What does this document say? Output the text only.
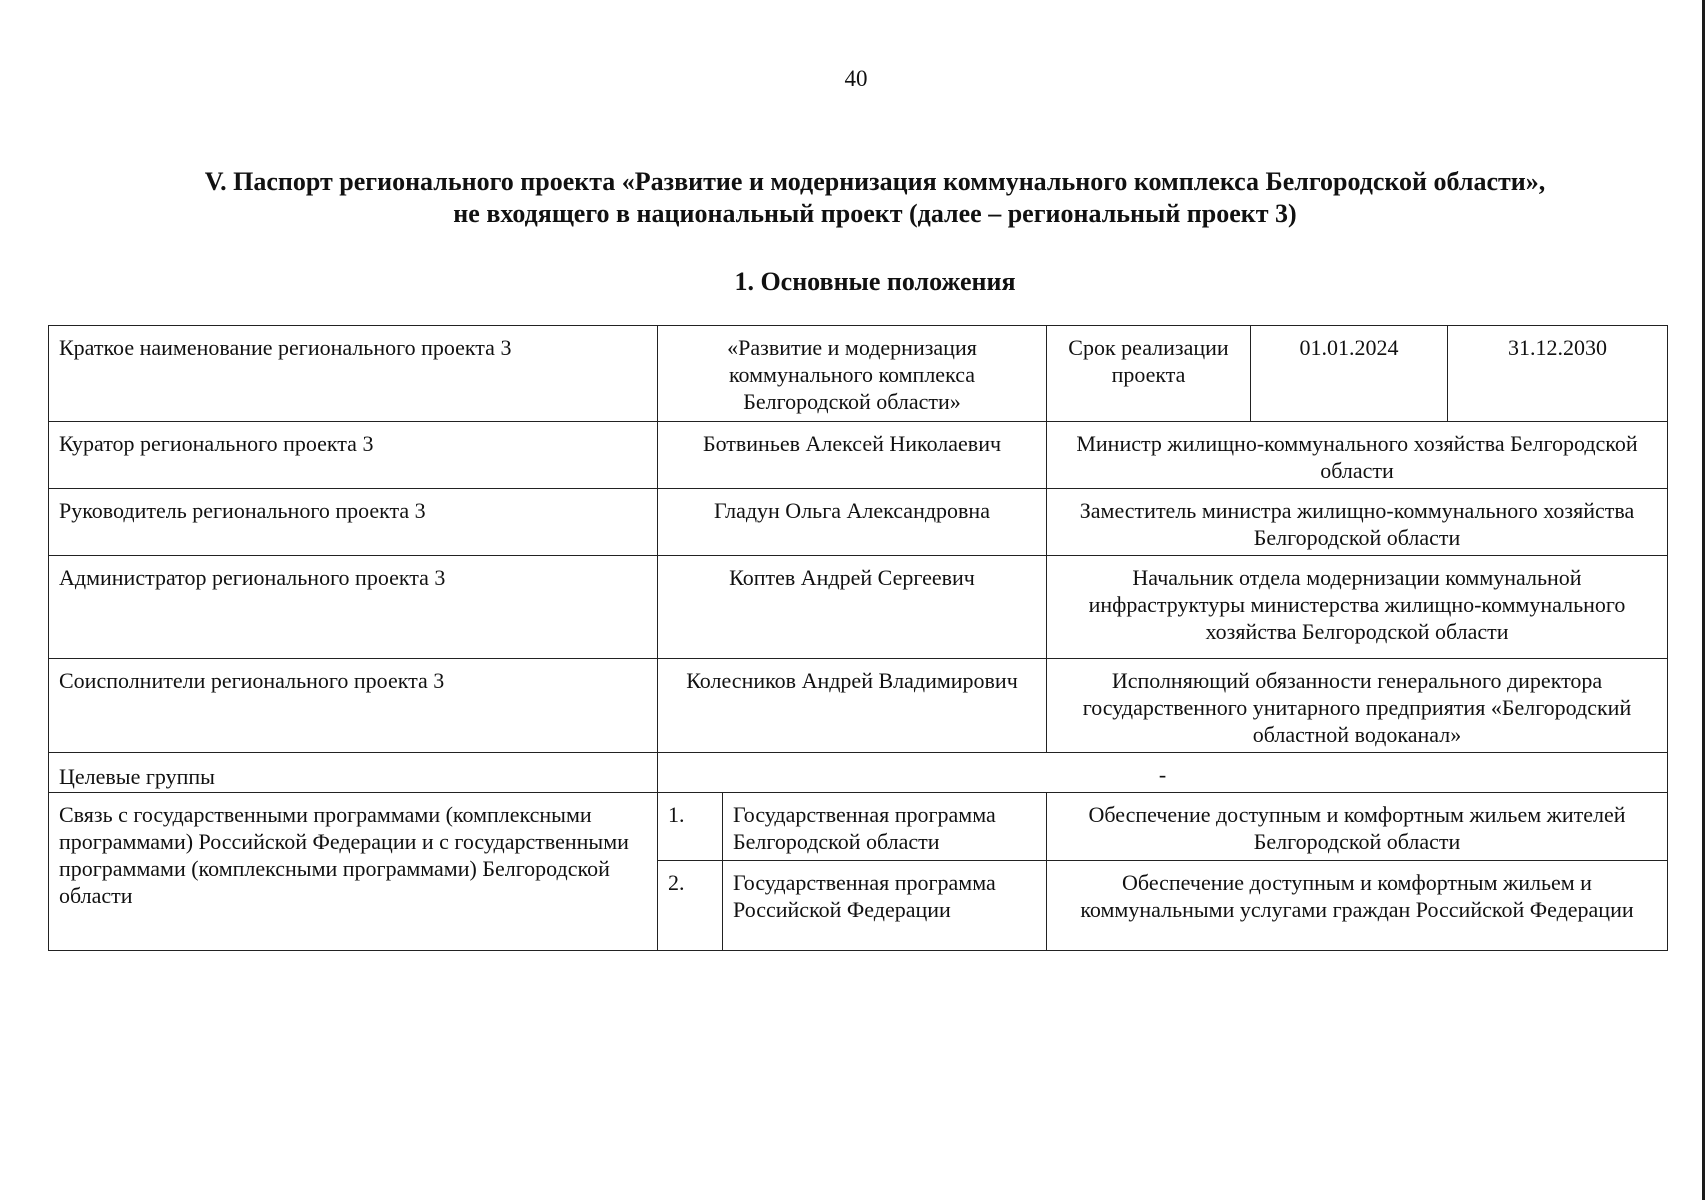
40
V. Паспорт регионального проекта «Развитие и модернизация коммунального комплекса Белгородской области»,
не входящего в национальный проект (далее – региональный проект 3)
1. Основные положения
Краткое наименование регионального проекта 3	«Развитие и модернизация коммунального комплекса Белгородской области»		Срок реализации проекта	01.01.2024	31.12.2030
Куратор регионального проекта 3	Ботвиньев Алексей Николаевич		Министр жилищно-коммунального хозяйства Белгородской области		
Руководитель регионального проекта 3	Гладун Ольга Александровна		Заместитель министра жилищно-коммунального хозяйства Белгородской области		
Администратор регионального проекта 3	Коптев Андрей Сергеевич		Начальник отдела модернизации коммунальной инфраструктуры министерства жилищно-коммунального хозяйства Белгородской области		
Соисполнители регионального проекта 3	Колесников Андрей Владимирович		Исполняющий обязанности генерального директора государственного унитарного предприятия «Белгородский областной водоканал»		
Целевые группы	-				
Связь с государственными программами (комплексными программами) Российской Федерации и с государственными программами (комплексными программами) Белгородской области	1.	Государственная программа Белгородской области	Обеспечение доступным и комфортным жильем жителей Белгородской области		
	2.	Государственная программа Российской Федерации	Обеспечение доступным и комфортным жильем и коммунальными услугами граждан Российской Федерации		
